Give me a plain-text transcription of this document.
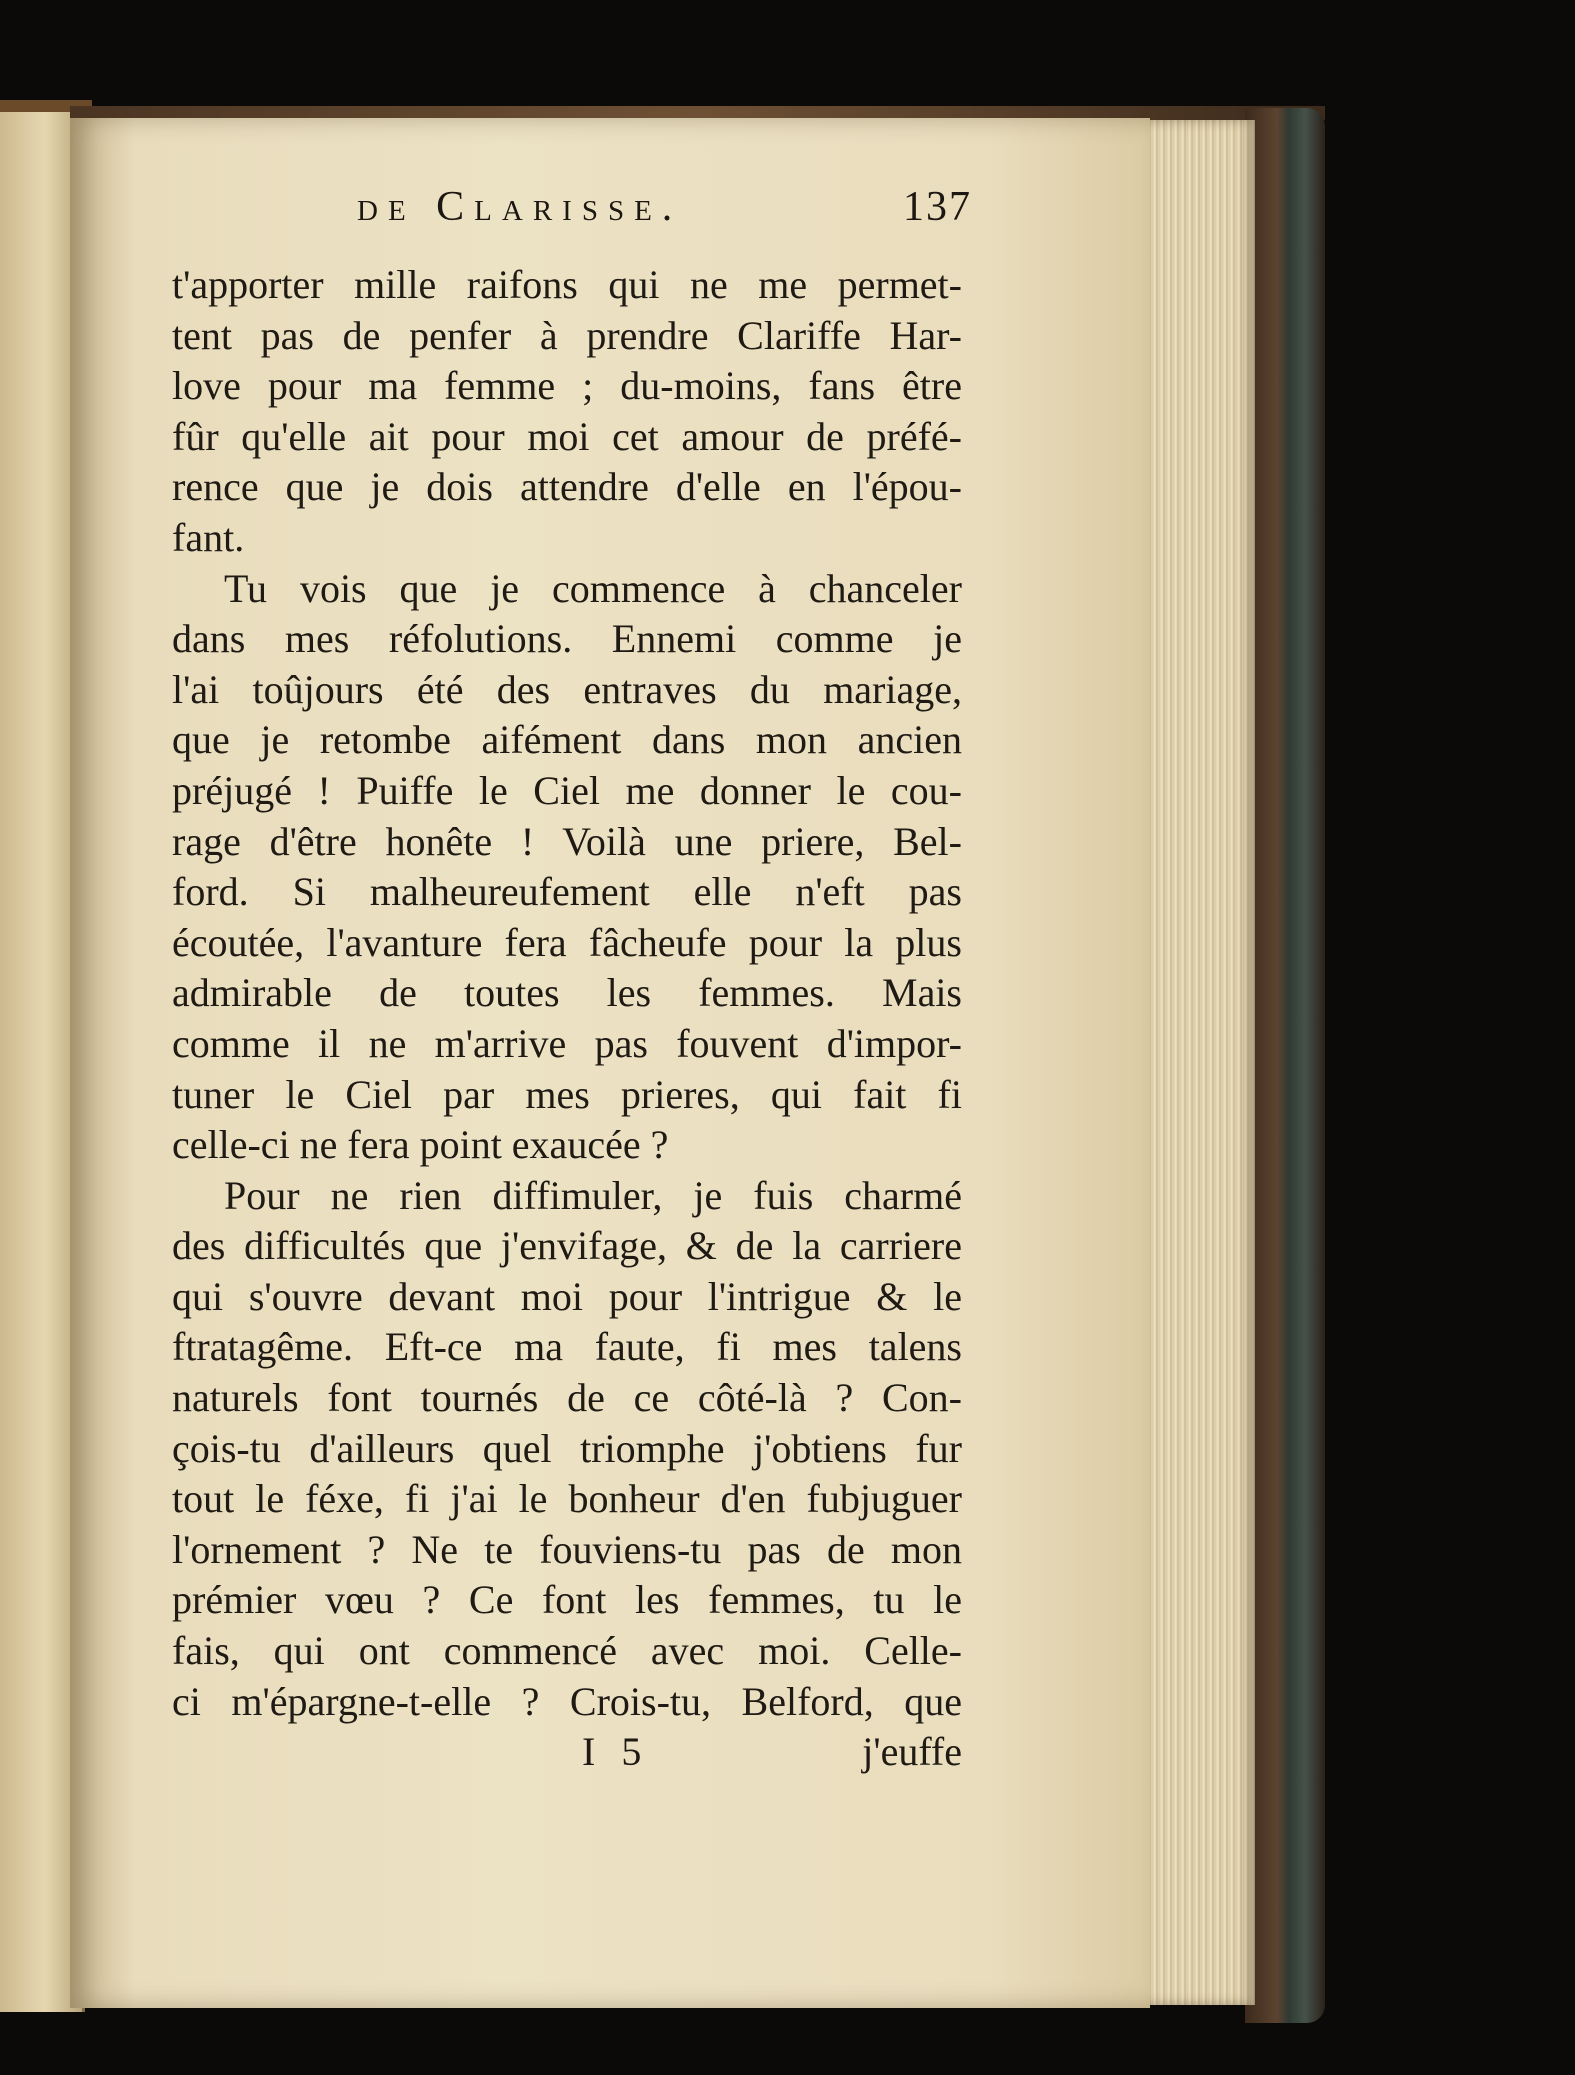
de Clarisse.	137
t'apporter mille raifons qui ne me permet-
tent pas de penfer à prendre Clariffe Har-
love pour ma femme ; du-moins, fans être
fûr qu'elle ait pour moi cet amour de préfé-
rence que je dois attendre d'elle en l'épou-
fant.
Tu vois que je commence à chanceler
dans mes réfolutions. Ennemi comme je
l'ai toûjours été des entraves du mariage,
que je retombe aifément dans mon ancien
préjugé ! Puiffe le Ciel me donner le cou-
rage d'être honête ! Voilà une priere, Bel-
ford. Si malheureufement elle n'eft pas
écoutée, l'avanture fera fâcheufe pour la plus
admirable de toutes les femmes. Mais
comme il ne m'arrive pas fouvent d'impor-
tuner le Ciel par mes prieres, qui fait fi
celle-ci ne fera point exaucée ?
Pour ne rien diffimuler, je fuis charmé
des difficultés que j'envifage, & de la carriere
qui s'ouvre devant moi pour l'intrigue & le
ftratagême. Eft-ce ma faute, fi mes talens
naturels font tournés de ce côté-là ? Con-
çois-tu d'ailleurs quel triomphe j'obtiens fur
tout le féxe, fi j'ai le bonheur d'en fubjuguer
l'ornement ? Ne te fouviens-tu pas de mon
prémier vœu ? Ce font les femmes, tu le
fais, qui ont commencé avec moi. Celle-
ci m'épargne-t-elle ? Crois-tu, Belford, que
I 5	j'euffe
